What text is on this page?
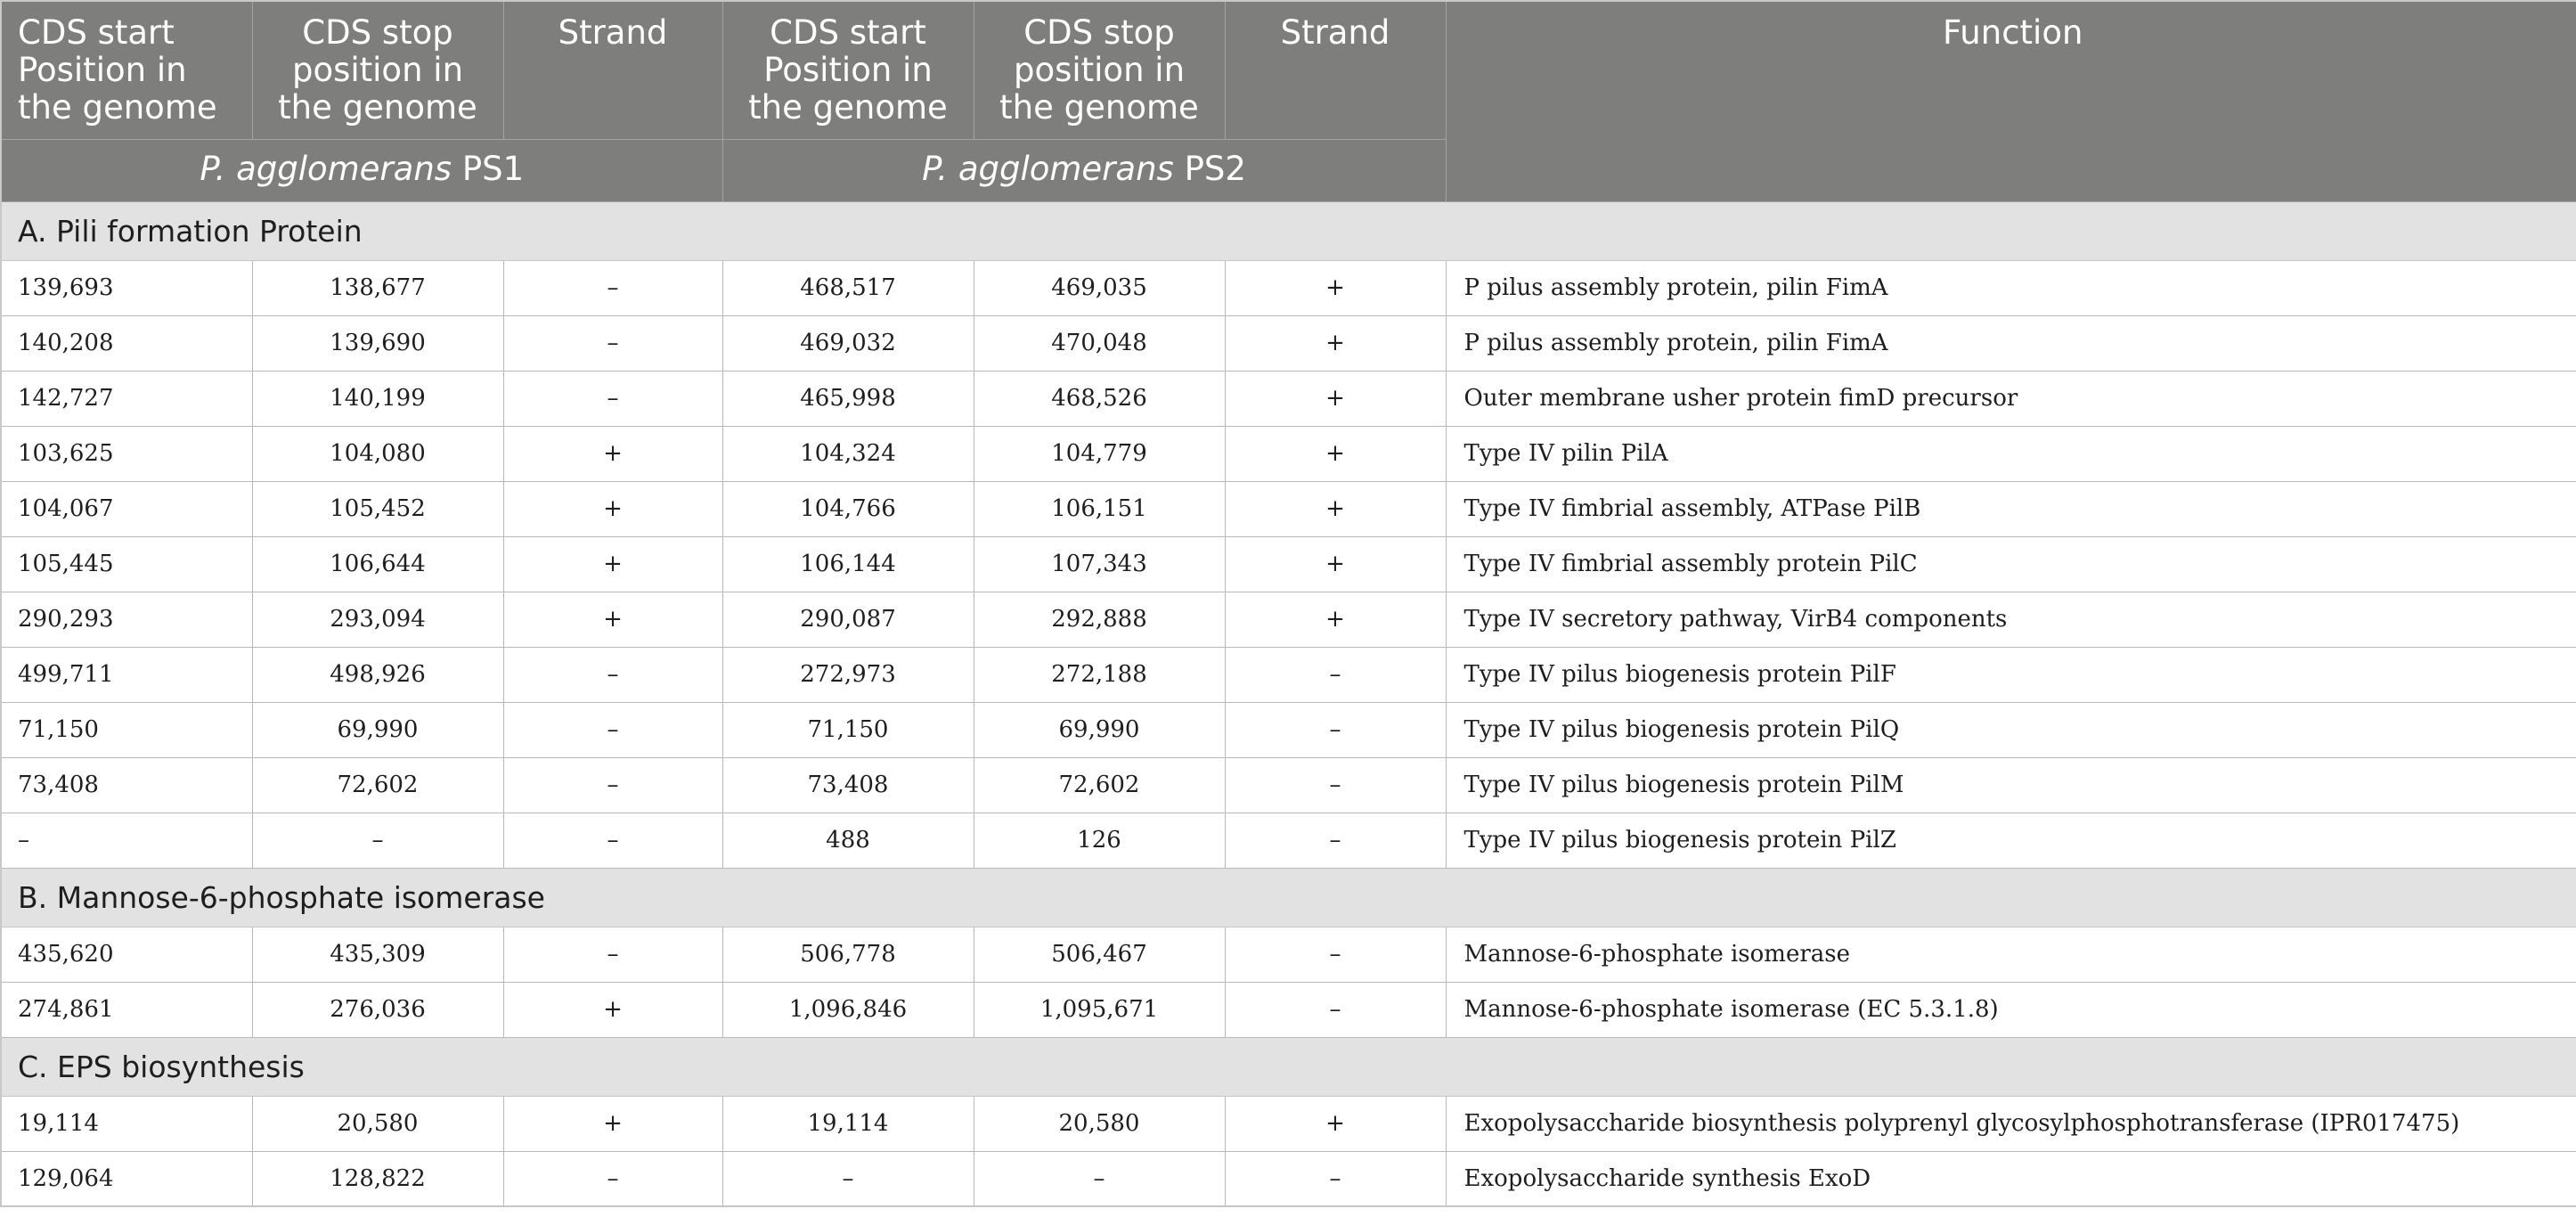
CDS start Position in the genome	CDS stop position in the genome	Strand	CDS start Position in the genome	CDS stop position in the genome	Strand	Function
P. agglomerans PS1			P. agglomerans PS2			
A. Pili formation Protein						
139,693	138,677	–	468,517	469,035	+	P pilus assembly protein, pilin FimA
140,208	139,690	–	469,032	470,048	+	P pilus assembly protein, pilin FimA
142,727	140,199	–	465,998	468,526	+	Outer membrane usher protein fimD precursor
103,625	104,080	+	104,324	104,779	+	Type IV pilin PilA
104,067	105,452	+	104,766	106,151	+	Type IV fimbrial assembly, ATPase PilB
105,445	106,644	+	106,144	107,343	+	Type IV fimbrial assembly protein PilC
290,293	293,094	+	290,087	292,888	+	Type IV secretory pathway, VirB4 components
499,711	498,926	–	272,973	272,188	–	Type IV pilus biogenesis protein PilF
71,150	69,990	–	71,150	69,990	–	Type IV pilus biogenesis protein PilQ
73,408	72,602	–	73,408	72,602	–	Type IV pilus biogenesis protein PilM
–	–	–	488	126	–	Type IV pilus biogenesis protein PilZ
B. Mannose-6-phosphate isomerase						
435,620	435,309	–	506,778	506,467	–	Mannose-6-phosphate isomerase
274,861	276,036	+	1,096,846	1,095,671	–	Mannose-6-phosphate isomerase (EC 5.3.1.8)
C. EPS biosynthesis						
19,114	20,580	+	19,114	20,580	+	Exopolysaccharide biosynthesis polyprenyl glycosylphosphotransferase (IPR017475)
129,064	128,822	–	–	–	–	Exopolysaccharide synthesis ExoD
